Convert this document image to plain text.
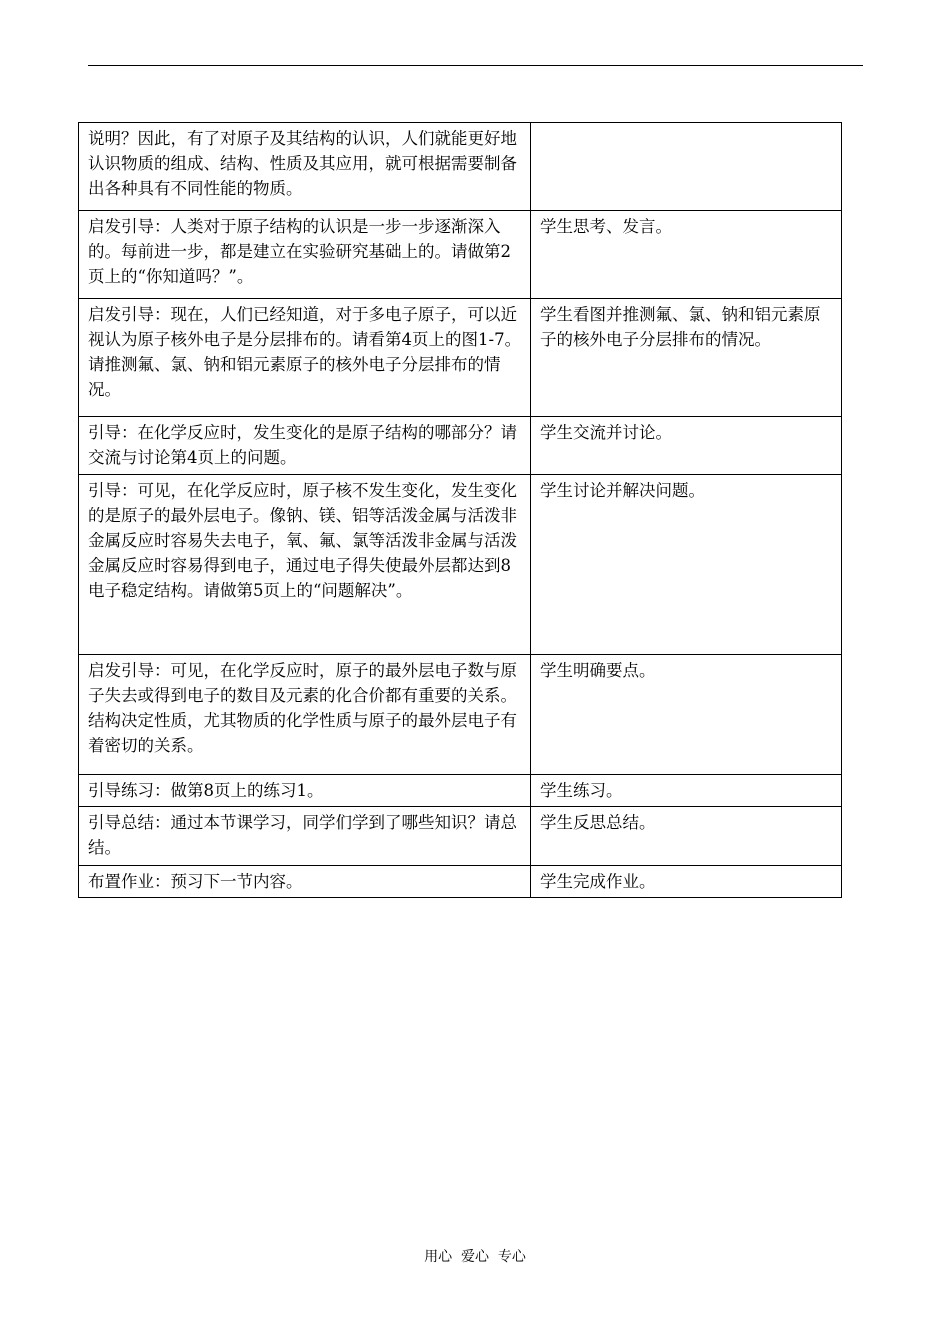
说明？因此，有了对原子及其结构的认识，人们就能更好地认识物质的组成、结构、性质及其应用，就可根据需要制备出各种具有不同性能的物质。	
启发引导：人类对于原子结构的认识是一步一步逐渐深入的。每前进一步，都是建立在实验研究基础上的。请做第2页上的“你知道吗？”。	学生思考、发言。
启发引导：现在，人们已经知道，对于多电子原子，可以近视认为原子核外电子是分层排布的。请看第4页上的图1-7。请推测氟、氯、钠和铝元素原子的核外电子分层排布的情况。	学生看图并推测氟、氯、钠和铝元素原子的核外电子分层排布的情况。
引导：在化学反应时，发生变化的是原子结构的哪部分？请交流与讨论第4页上的问题。	学生交流并讨论。
引导：可见，在化学反应时，原子核不发生变化，发生变化的是原子的最外层电子。像钠、镁、铝等活泼金属与活泼非金属反应时容易失去电子，氧、氟、氯等活泼非金属与活泼金属反应时容易得到电子，通过电子得失使最外层都达到8电子稳定结构。请做第5页上的“问题解决”。	学生讨论并解决问题。
启发引导：可见，在化学反应时，原子的最外层电子数与原子失去或得到电子的数目及元素的化合价都有重要的关系。结构决定性质，尤其物质的化学性质与原子的最外层电子有着密切的关系。	学生明确要点。
引导练习：做第8页上的练习1。	学生练习。
引导总结：通过本节课学习，同学们学到了哪些知识？请总结。	学生反思总结。
布置作业：预习下一节内容。	学生完成作业。
用心  爱心  专心
